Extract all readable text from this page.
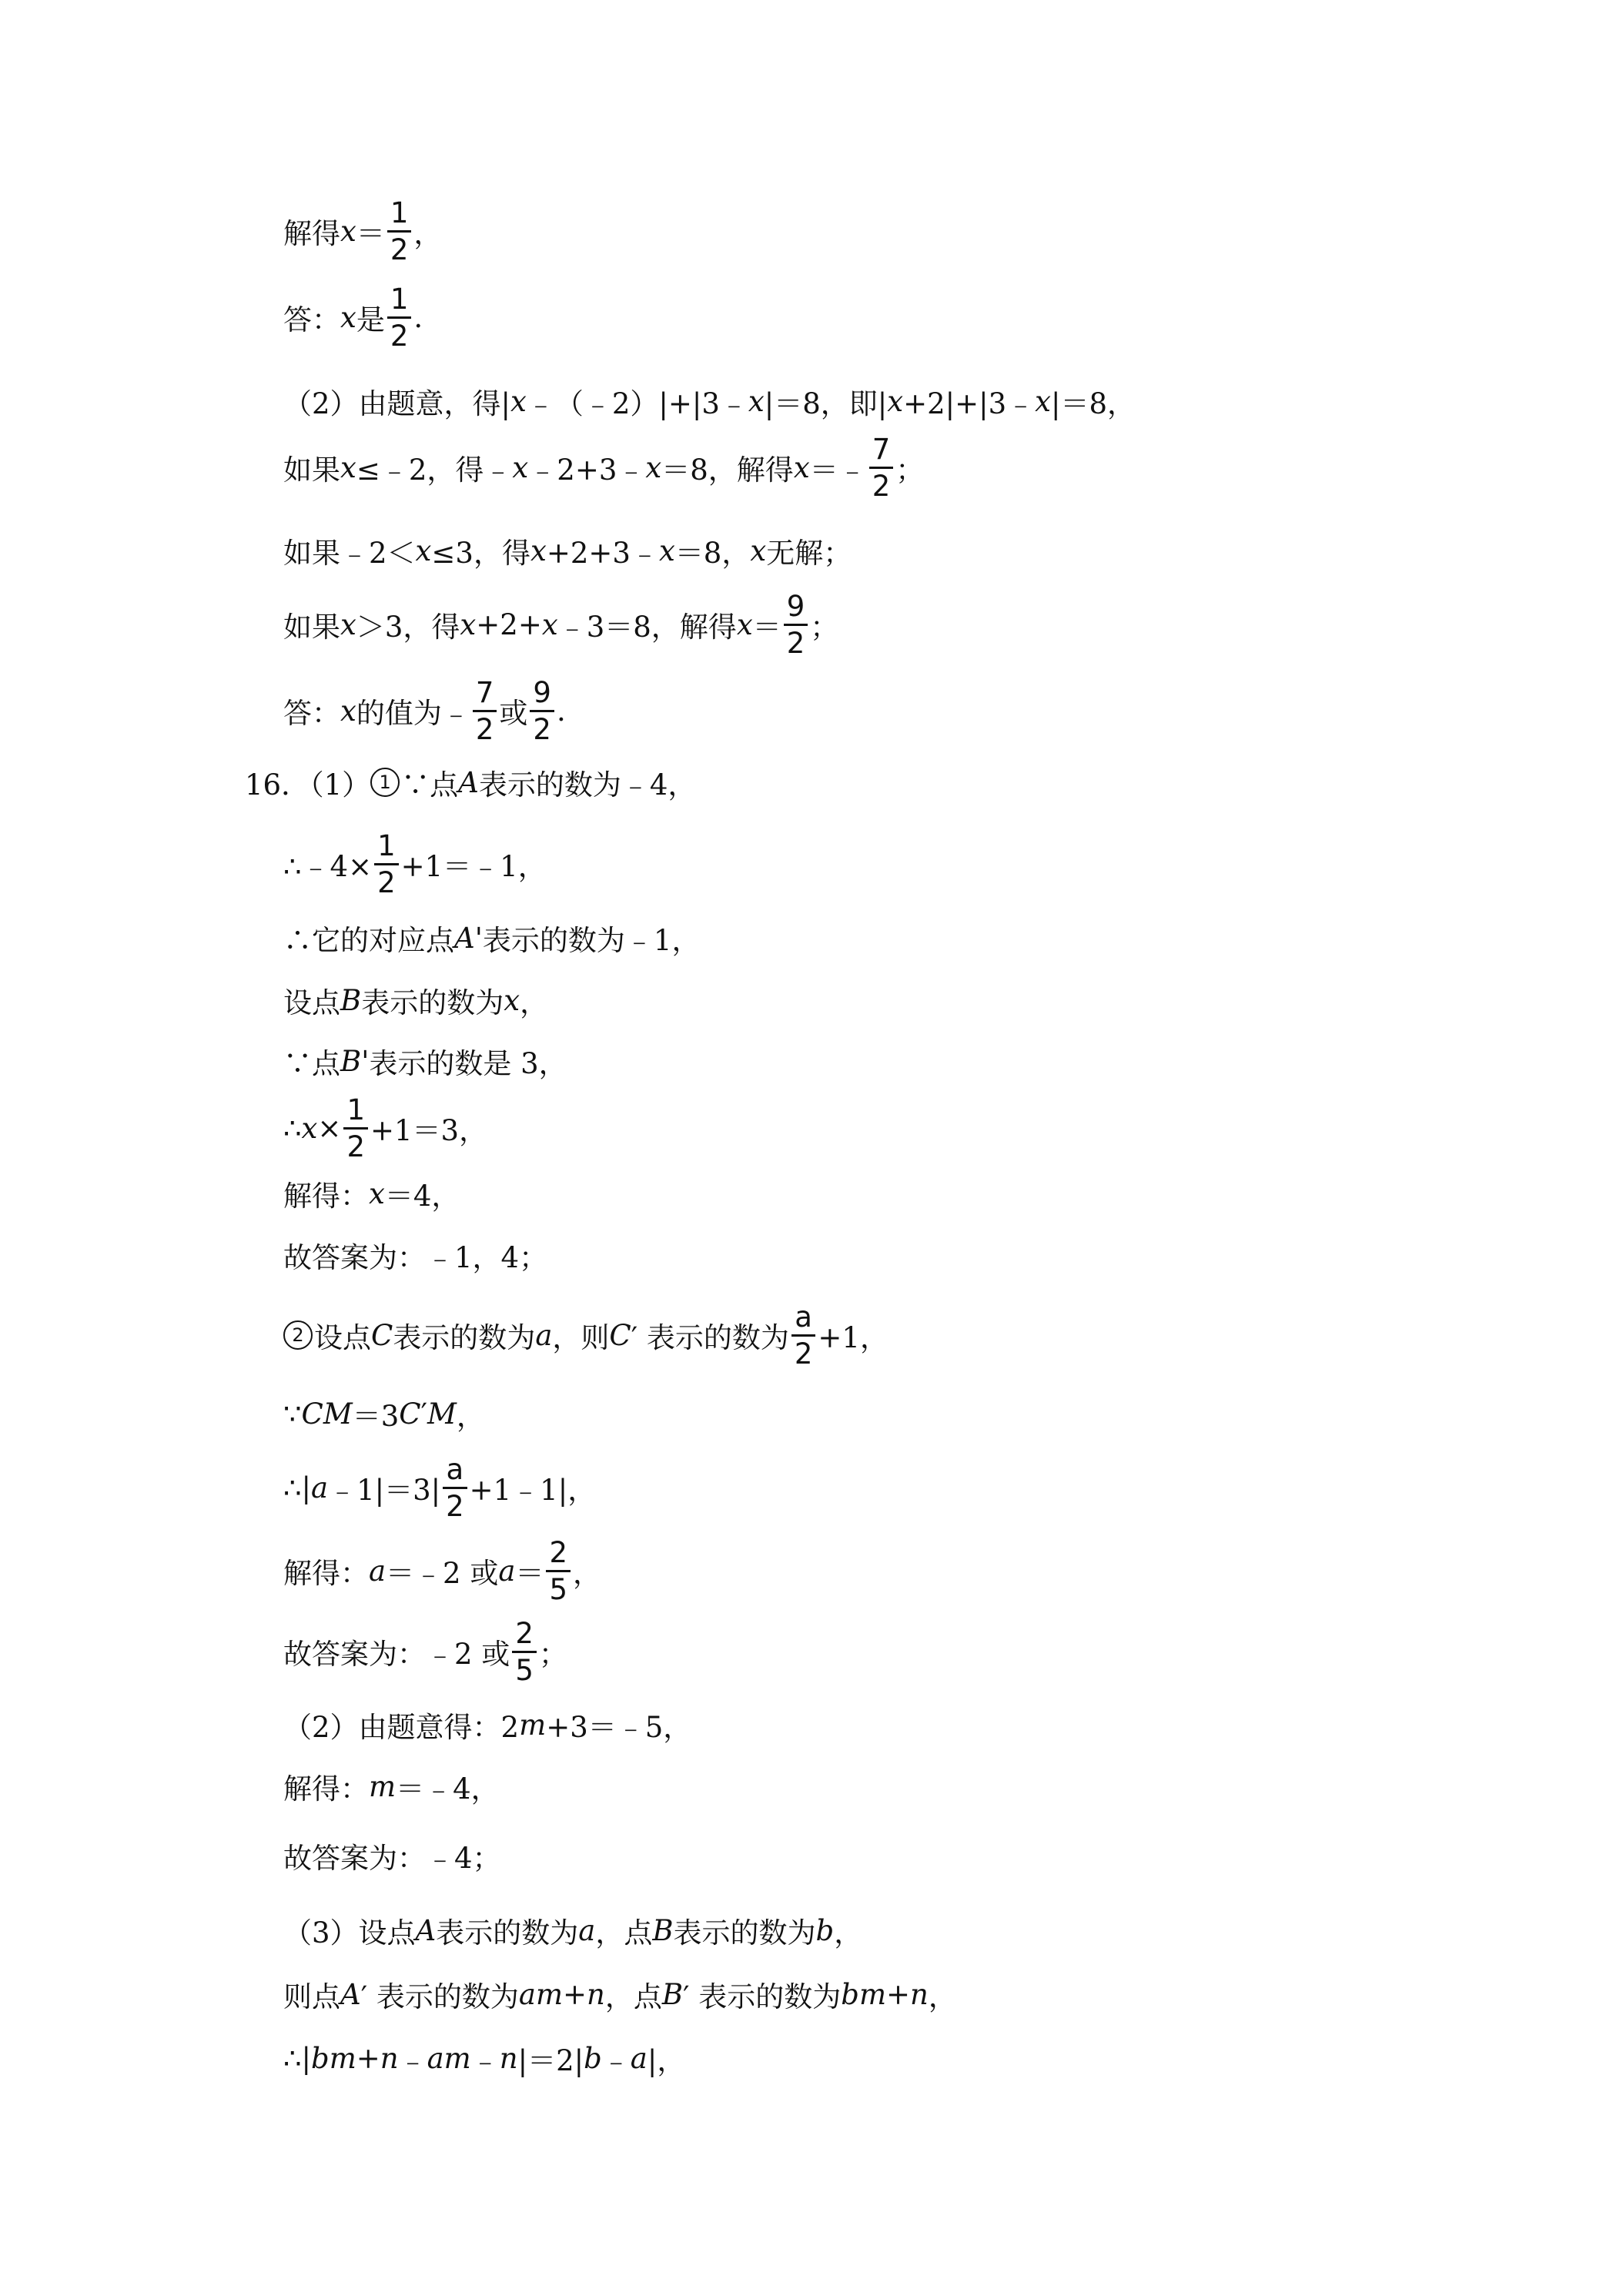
解得 $x = \frac{1}{2}$ ，
答： x 是 $\frac{1}{2}$ .
（2）由题意，得| x ﹣（﹣2）|+|3﹣ x |＝8，即| x +2|+|3﹣ x |＝8，
如果 x ≤﹣2，得﹣ x ﹣2+3﹣ x ＝8，解得 x ＝﹣ $\frac{7}{2}$ ；
如果﹣2＜ x ≤3，得 x +2+3﹣ x ＝8， x 无解；
如果 x ＞3，得 x +2+ x ﹣3＝8，解得 $x = \frac{9}{2}$ ；
答： x 的值为﹣ $\frac{7}{2}$ 或 $\frac{9}{2}$ .
16．（1） 1 ∵点 A 表示的数为﹣4，
∴﹣4× $\frac{1}{2}$ +1＝﹣1，
∴它的对应点 A' 表示的数为﹣1，
设点 B 表示的数为 x ，
∵点 B' 表示的数是 3，
∴ $x \times \frac{1}{2} +1=3$，
解得： x ＝4，
故答案为：﹣1，4；
2 设点 C 表示的数为 a ，则 C ′ 表示的数为 $\frac{a}{2} +1$，
∵ CM ＝3 C ′ M ，
∴| a ﹣1|＝3| $\frac{a}{2}$ +1﹣1|，
解得： a ＝﹣2 或 $a = \frac{2}{5}$ ，
故答案为：﹣2 或 $\frac{2}{5}$ ；
（2）由题意得：2 m +3＝﹣5，
解得： m ＝﹣4，
故答案为：﹣4；
（3）设点 A 表示的数为 a ，点 B 表示的数为 b ，
则点 A ′ 表示的数为 am+n ，点 B ′ 表示的数为 bm+n ，
∴| bm+n ﹣ am ﹣ n |＝2| b ﹣ a |，
